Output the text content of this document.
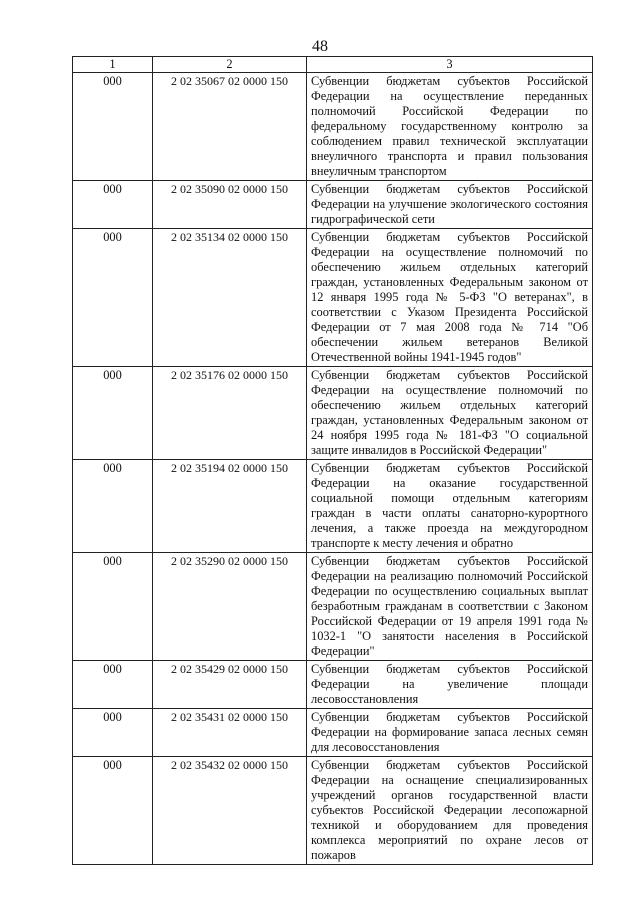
48
1	2	3
000	2 02 35067 02 0000 150	Субвенции бюджетам субъектов Российской Федерации на осуществление переданных полномочий Российской Федерации по федеральному государственному контролю за соблюдением правил технической эксплуатации внеуличного транспорта и правил пользования внеуличным транспортом
000	2 02 35090 02 0000 150	Субвенции бюджетам субъектов Российской Федерации на улучшение экологического состояния гидрографической сети
000	2 02 35134 02 0000 150	Субвенции бюджетам субъектов Российской Федерации на осуществление полномочий по обеспечению жильем отдельных категорий граждан, установленных Федеральным законом от 12 января 1995 года № 5-ФЗ "О ветеранах", в соответствии с Указом Президента Российской Федерации от 7 мая 2008 года № 714 "Об обеспечении жильем ветеранов Великой Отечественной войны 1941-1945 годов"
000	2 02 35176 02 0000 150	Субвенции бюджетам субъектов Российской Федерации на осуществление полномочий по обеспечению жильем отдельных категорий граждан, установленных Федеральным законом от 24 ноября 1995 года № 181-ФЗ "О социальной защите инвалидов в Российской Федерации"
000	2 02 35194 02 0000 150	Субвенции бюджетам субъектов Российской Федерации на оказание государственной социальной помощи отдельным категориям граждан в части оплаты санаторно-курортного лечения, а также проезда на междугородном транспорте к месту лечения и обратно
000	2 02 35290 02 0000 150	Субвенции бюджетам субъектов Российской Федерации на реализацию полномочий Российской Федерации по осуществлению социальных выплат безработным гражданам в соответствии с Законом Российской Федерации от 19 апреля 1991 года № 1032-1 "О занятости населения в Российской Федерации"
000	2 02 35429 02 0000 150	Субвенции бюджетам субъектов Российской Федерации на увеличение площади лесовосстановления
000	2 02 35431 02 0000 150	Субвенции бюджетам субъектов Российской Федерации на формирование запаса лесных семян для лесовосстановления
000	2 02 35432 02 0000 150	Субвенции бюджетам субъектов Российской Федерации на оснащение специализированных учреждений органов государственной власти субъектов Российской Федерации лесопожарной техникой и оборудованием для проведения комплекса мероприятий по охране лесов от пожаров
